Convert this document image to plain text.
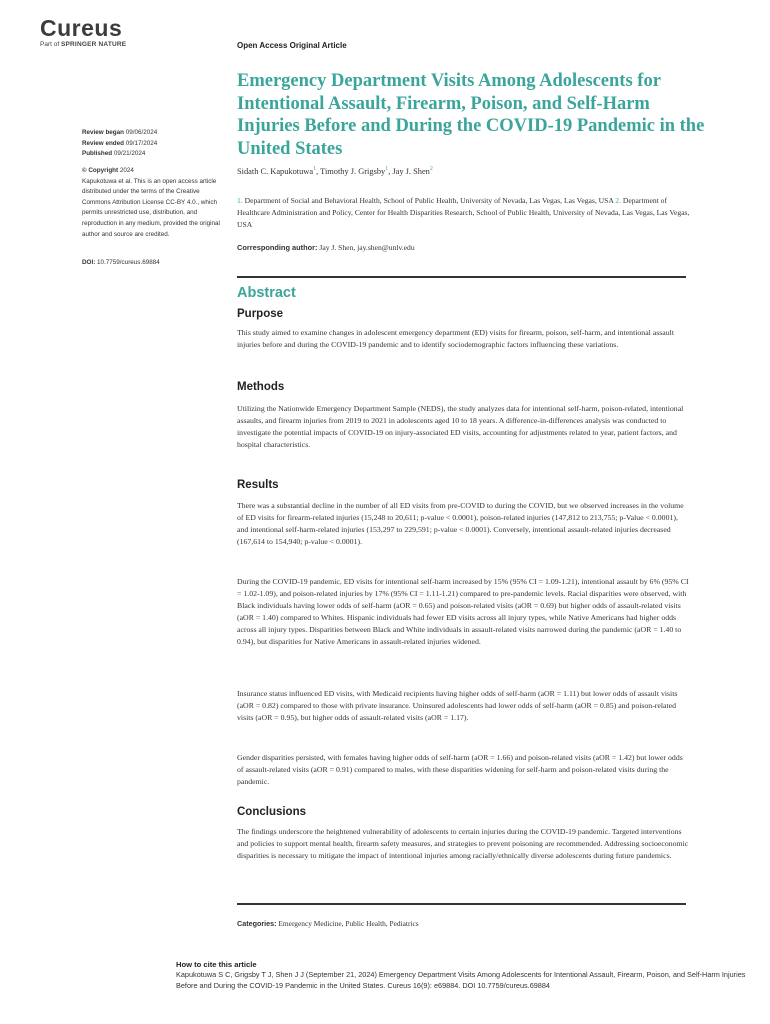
Cureus
Part of SPRINGER NATURE	Open Access Original Article
Emergency Department Visits Among Adolescents for Intentional Assault, Firearm, Poison, and Self-Harm Injuries Before and During the COVID-19 Pandemic in the United States
Review began 09/06/2024
Review ended 09/17/2024
Published 09/21/2024
© Copyright 2024
Kapukotuwa et al. This is an open access article distributed under the terms of the Creative Commons Attribution License CC-BY 4.0., which permits unrestricted use, distribution, and reproduction in any medium, provided the original author and source are credited.
DOI: 10.7759/cureus.69884
Sidath C. Kapukotuwa$^1$, Timothy J. Grigsby$^1$, Jay J. Shen$^2$
1. Department of Social and Behavioral Health, School of Public Health, University of Nevada, Las Vegas, Las Vegas, USA 2. Department of Healthcare Administration and Policy, Center for Health Disparities Research, School of Public Health, University of Nevada, Las Vegas, Las Vegas, USA
Corresponding author: Jay J. Shen, jay.shen@unlv.edu
Abstract
Purpose
This study aimed to examine changes in adolescent emergency department (ED) visits for firearm, poison, self-harm, and intentional assault injuries before and during the COVID-19 pandemic and to identify sociodemographic factors influencing these variations.
Methods
Utilizing the Nationwide Emergency Department Sample (NEDS), the study analyzes data for intentional self-harm, poison-related, intentional assaults, and firearm injuries from 2019 to 2021 in adolescents aged 10 to 18 years. A difference-in-differences analysis was conducted to investigate the potential impacts of COVID-19 on injury-associated ED visits, accounting for adjustments related to year, patient factors, and hospital characteristics.
Results
There was a substantial decline in the number of all ED visits from pre-COVID to during the COVID, but we observed increases in the volume of ED visits for firearm-related injuries (15,248 to 20,611; p-value < 0.0001), poison-related injuries (147,812 to 213,755; p-Value < 0.0001), and intentional self-harm-related injuries (153,297 to 229,591; p-value < 0.0001). Conversely, intentional assault-related injuries decreased (167,614 to 154,940; p-value < 0.0001).
During the COVID-19 pandemic, ED visits for intentional self-harm increased by 15% (95% CI = 1.09-1.21), intentional assault by 6% (95% CI = 1.02-1.09), and poison-related injuries by 17% (95% CI = 1.11-1.21) compared to pre-pandemic levels. Racial disparities were observed, with Black individuals having lower odds of self-harm (aOR = 0.65) and poison-related visits (aOR = 0.69) but higher odds of assault-related visits (aOR = 1.40) compared to Whites. Hispanic individuals had fewer ED visits across all injury types, while Native Americans had higher odds across all injury types. Disparities between Black and White individuals in assault-related visits narrowed during the pandemic (aOR = 1.40 to 0.94), but disparities for Native Americans in assault-related injuries widened.
Insurance status influenced ED visits, with Medicaid recipients having higher odds of self-harm (aOR = 1.11) but lower odds of assault visits (aOR = 0.82) compared to those with private insurance. Uninsured adolescents had lower odds of self-harm (aOR = 0.85) and poison-related visits (aOR = 0.95), but higher odds of assault-related visits (aOR = 1.17).
Gender disparities persisted, with females having higher odds of self-harm (aOR = 1.66) and poison-related visits (aOR = 1.42) but lower odds of assault-related visits (aOR = 0.91) compared to males, with these disparities widening for self-harm and poison-related visits during the pandemic.
Conclusions
The findings underscore the heightened vulnerability of adolescents to certain injuries during the COVID-19 pandemic. Targeted interventions and policies to support mental health, firearm safety measures, and strategies to prevent poisoning are recommended. Addressing socioeconomic disparities is necessary to mitigate the impact of intentional injuries among racially/ethnically diverse adolescents during future pandemics.
Categories: Emergency Medicine, Public Health, Pediatrics
How to cite this article
Kapukotuwa S C, Grigsby T J, Shen J J (September 21, 2024) Emergency Department Visits Among Adolescents for Intentional Assault, Firearm, Poison, and Self-Harm Injuries Before and During the COVID-19 Pandemic in the United States. Cureus 16(9): e69884. DOI 10.7759/cureus.69884
